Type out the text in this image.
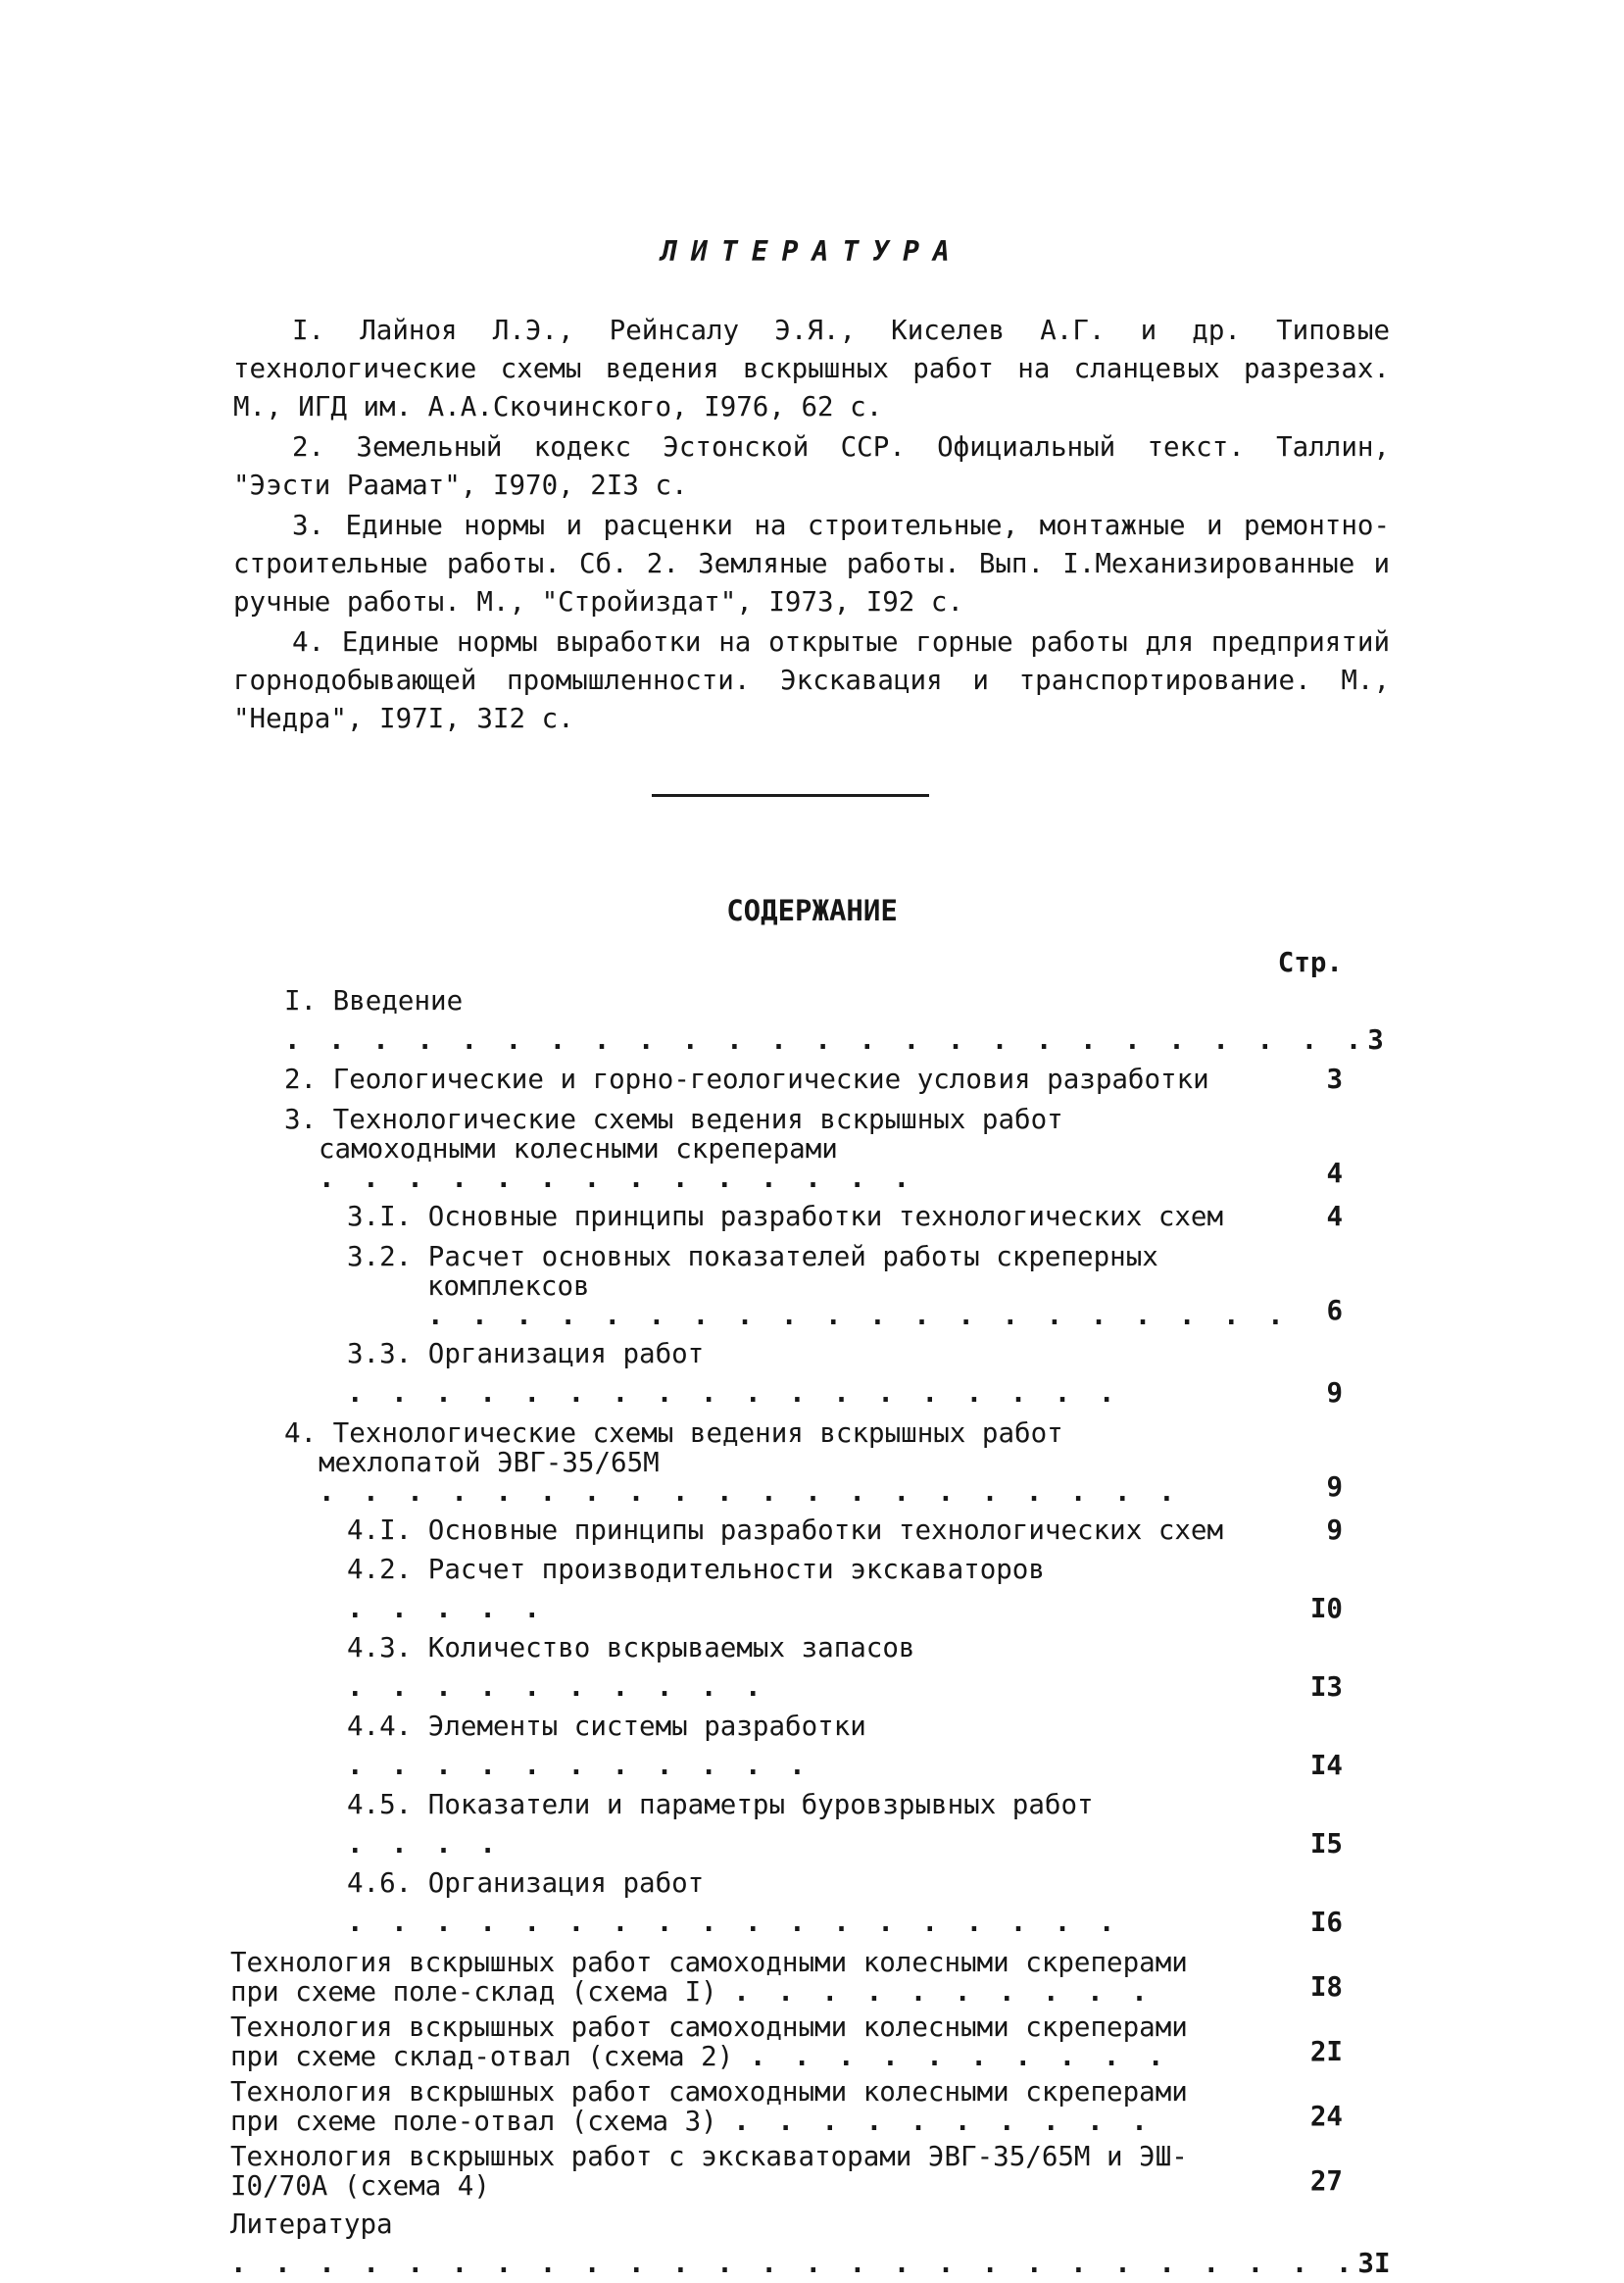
ЛИТЕРАТУРА
I. Лайноя Л.Э., Рейнсалу Э.Я., Киселев А.Г. и др. Типовые технологические схемы ведения вскрышных работ на сланцевых разрезах. М., ИГД им. А.А.Скочинского, I976, 62 с.
2. Земельный кодекс Эстонской ССР. Официальный текст. Таллин, "Ээсти Раамат", I970, 2I3 с.
3. Единые нормы и расценки на строительные, монтажные и ремонтно-строительные работы. Сб. 2. Земляные работы. Вып. I.Механизированные и ручные работы. М., "Стройиздат", I973, I92 с.
4. Единые нормы выработки на открытые горные работы для предприятий горнодобывающей промышленности. Экскавация и транспортирование. М., "Недра", I97I, 3I2 с.
СОДЕРЖАНИЕ
Стр.
I. Введение . . . . . . . . . . . . . . . . . . . . . . . . . 3
2. Геологические и горно-геологические условия разработки	3
3. Технологические схемы ведения вскрышных работ самоходными колесными скреперами . . . . . . . . . . . . . .	4
3.I. Основные принципы разработки технологических схем	4
3.2. Расчет основных показателей работы скреперных комплексов . . . . . . . . . . . . . . . . . . . .	6
3.3. Организация работ . . . . . . . . . . . . . . . . . .	9
4. Технологические схемы ведения вскрышных работ мехлопатой ЭВГ-35/65М . . . . . . . . . . . . . . . . . . . .	9
4.I. Основные принципы разработки технологических схем	9
4.2. Расчет производительности экскаваторов . . . . .	I0
4.3. Количество вскрываемых запасов . . . . . . . . . .	I3
4.4. Элементы системы разработки . . . . . . . . . . .	I4
4.5. Показатели и параметры буровзрывных работ . . . .	I5
4.6. Организация работ . . . . . . . . . . . . . . . . . .	I6
Технология вскрышных работ самоходными колесными скреперами при схеме поле-склад (схема I) . . . . . . . . . .	I8
Технология вскрышных работ самоходными колесными скреперами при схеме склад-отвал (схема 2) . . . . . . . . . .	2I
Технология вскрышных работ самоходными колесными скреперами при схеме поле-отвал (схема 3) . . . . . . . . . .	24
Технология вскрышных работ с экскаваторами ЭВГ-35/65М и ЭШ-I0/70А (схема 4)	27
Литература . . . . . . . . . . . . . . . . . . . . . . . . . . 3I
